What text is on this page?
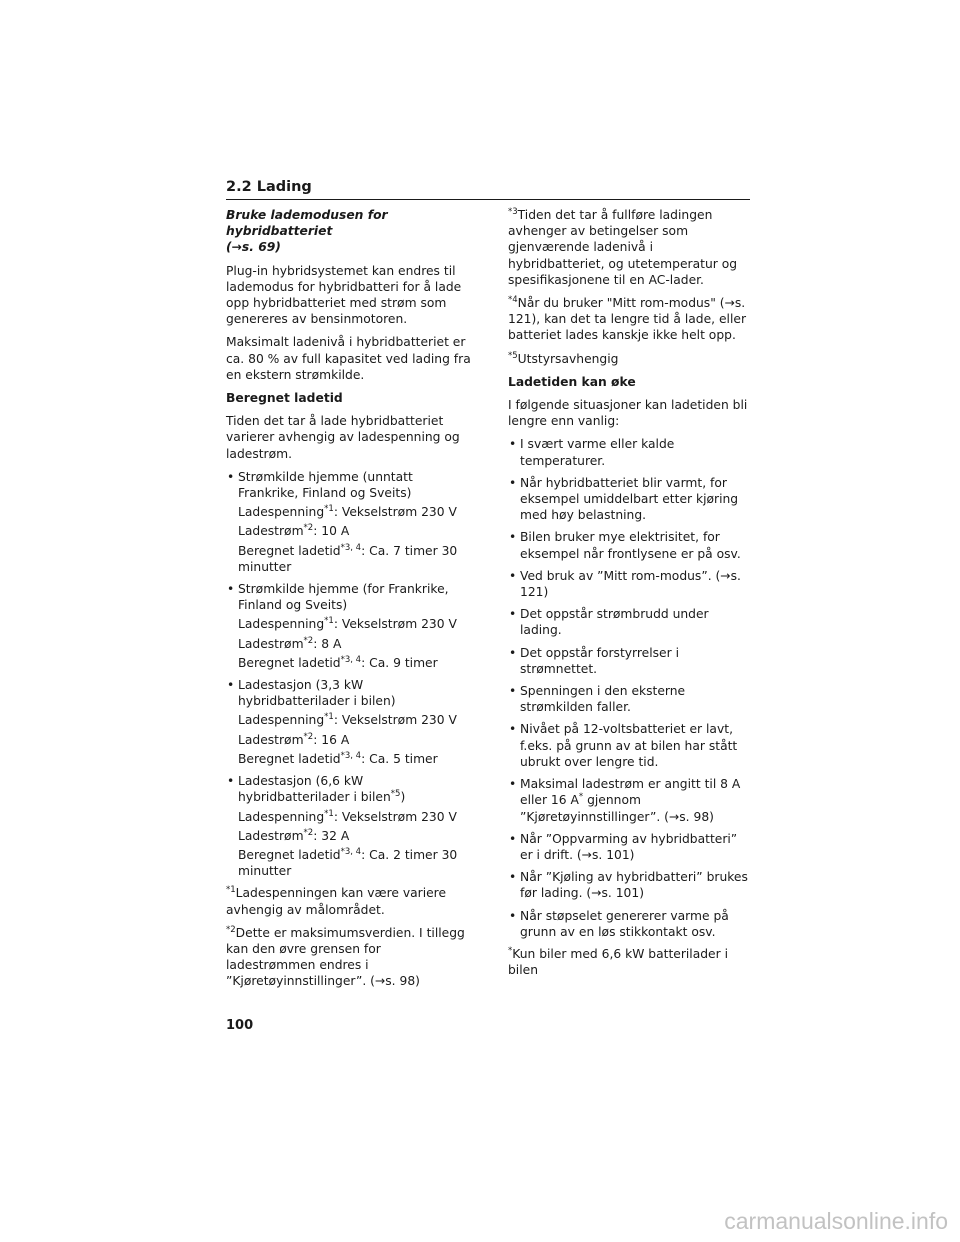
2.2 Lading

Bruke lademodusen for hybridbatteriet

(→s. 69)

Plug-in hybridsystemet kan endres til lademodus for hybridbatteri for å lade opp hybridbatteriet med strøm som genereres av bensinmotoren.

Maksimalt ladenivå i hybridbatteriet er ca. 80 % av full kapasitet ved lading fra en ekstern strømkilde.

Beregnet ladetid

Tiden det tar å lade hybridbatteriet varierer avhengig av ladespenning og ladestrøm.

• Strømkilde hjemme (unntatt Frankrike, Finland og Sveits)
Ladespenning$^{*1}$: Vekselstrøm 230 V
Ladestrøm$^{*2}$: 10 A
Beregnet ladetid$^{*3, 4}$: Ca. 7 timer 30 minutter
• Strømkilde hjemme (for Frankrike, Finland og Sveits)
Ladespenning$^{*1}$: Vekselstrøm 230 V
Ladestrøm$^{*2}$: 8 A
Beregnet ladetid$^{*3, 4}$: Ca. 9 timer
• Ladestasjon (3,3 kW hybridbatterilader i bilen)
Ladespenning$^{*1}$: Vekselstrøm 230 V
Ladestrøm$^{*2}$: 16 A
Beregnet ladetid$^{*3, 4}$: Ca. 5 timer
• Ladestasjon (6,6 kW hybridbatterilader i bilen$^{*5}$)
Ladespenning$^{*1}$: Vekselstrøm 230 V
Ladestrøm$^{*2}$: 32 A
Beregnet ladetid$^{*3, 4}$: Ca. 2 timer 30 minutter
$^{*1}$Ladespenningen kan være variere avhengig av målområdet.
$^{*2}$Dette er maksimumsverdien. I tillegg kan den øvre grensen for ladestrømmen endres i ”Kjøretøyinnstillinger”. (→s. 98)
$^{*3}$Tiden det tar å fullføre ladingen avhenger av betingelser som gjenværende ladenivå i hybridbatteriet, og utetemperatur og spesifikasjonene til en AC-lader.
$^{*4}$Når du bruker "Mitt rom-modus" (→s. 121), kan det ta lengre tid å lade, eller batteriet lades kanskje ikke helt opp.
$^{*5}$Utstyrsavhengig

Ladetiden kan øke

I følgende situasjoner kan ladetiden bli lengre enn vanlig:

• I svært varme eller kalde temperaturer.
• Når hybridbatteriet blir varmt, for eksempel umiddelbart etter kjøring med høy belastning.
• Bilen bruker mye elektrisitet, for eksempel når frontlysene er på osv.
• Ved bruk av ”Mitt rom-modus”. (→s. 121)
• Det oppstår strømbrudd under lading.
• Det oppstår forstyrrelser i strømnettet.
• Spenningen i den eksterne strømkilden faller.
• Nivået på 12-voltsbatteriet er lavt, f.eks. på grunn av at bilen har stått ubrukt over lengre tid.
• Maksimal ladestrøm er angitt til 8 A eller 16 A* gjennom ”Kjøretøyinnstillinger”. (→s. 98)
• Når ”Oppvarming av hybridbatteri” er i drift. (→s. 101)
• Når ”Kjøling av hybridbatteri” brukes før lading. (→s. 101)
• Når støpselet genererer varme på grunn av en løs stikkontakt osv.
*Kun biler med 6,6 kW batterilader i bilen
100
carmanualsonline.info
